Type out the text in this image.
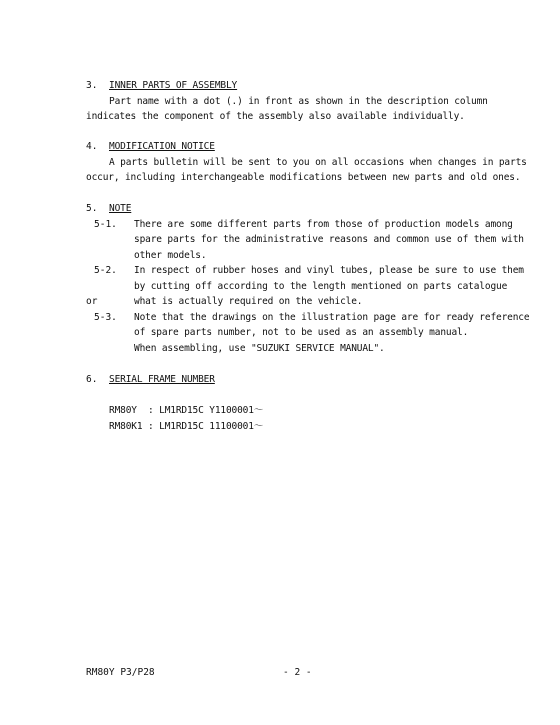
3. INNER PARTS OF ASSEMBLY
Part name with a dot (.) in front as shown in the description column
indicates the component of the assembly also available individually.
4. MODIFICATION NOTICE
A parts bulletin will be sent to you on all occasions when changes in parts
occur, including interchangeable modifications between new parts and old ones.
5. NOTE
5-1. There are some different parts from those of production models among
spare parts for the administrative reasons and common use of them with
other models.
5-2. In respect of rubber hoses and vinyl tubes, please be sure to use them
by cutting off according to the length mentioned on parts catalogue
or	what is actually required on the vehicle.
5-3. Note that the drawings on the illustration page are for ready reference
of spare parts number, not to be used as an assembly manual.
When assembling, use "SUZUKI SERVICE MANUAL".
6. SERIAL FRAME NUMBER
RM80Y  : LM1RD15C Y1100001～
RM80K1 : LM1RD15C 11100001～
RM80Y P3/P28	- 2 -
